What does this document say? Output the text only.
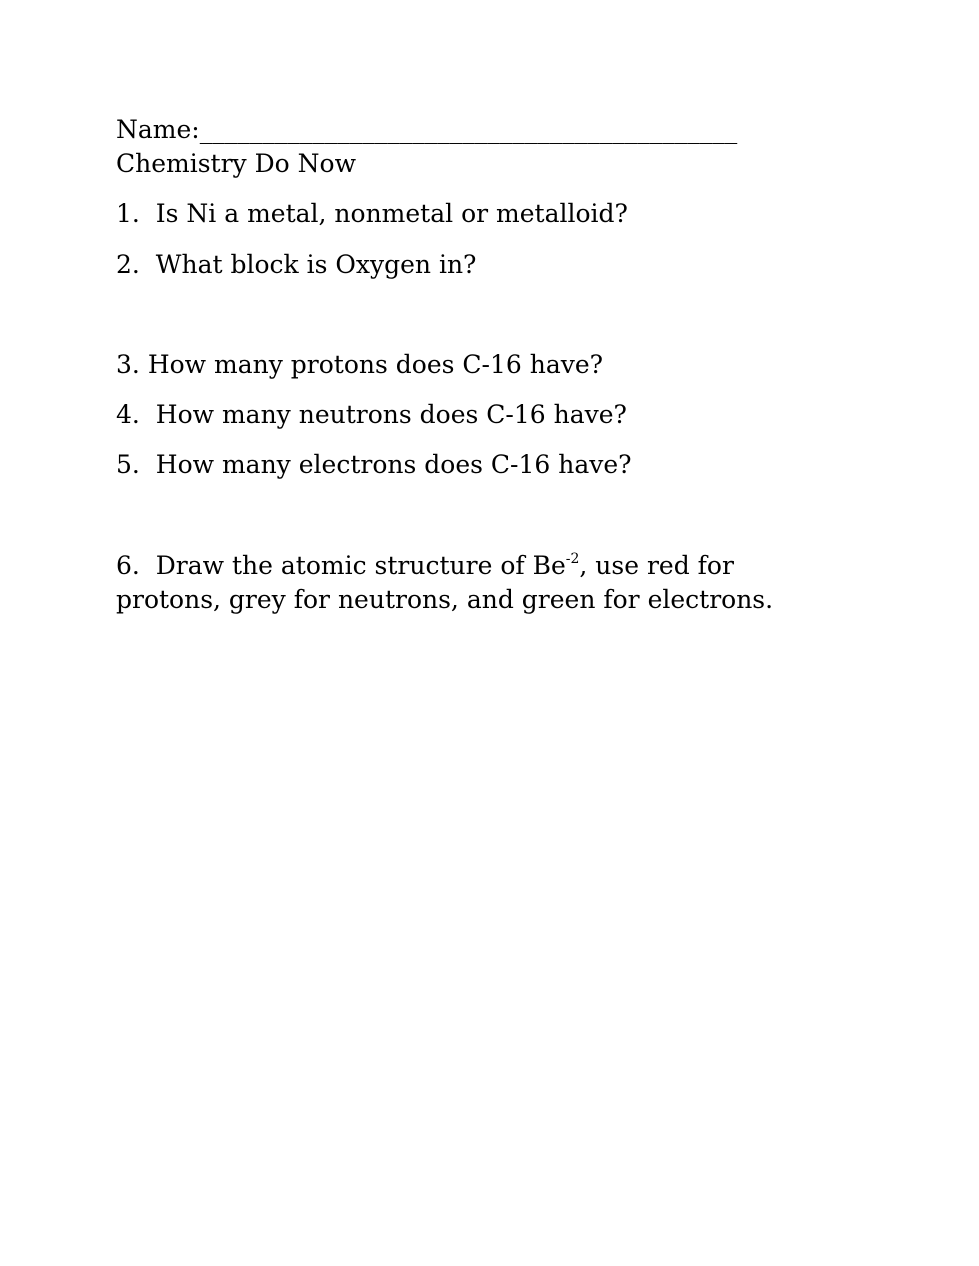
Name:___________________________________________
Chemistry Do Now
1. Is Ni a metal, nonmetal or metalloid?
2. What block is Oxygen in?
3. How many protons does C-16 have?
4. How many neutrons does C-16 have?
5. How many electrons does C-16 have?
6. Draw the atomic structure of $Be^{-2}$, use red for
protons, grey for neutrons, and green for electrons.
